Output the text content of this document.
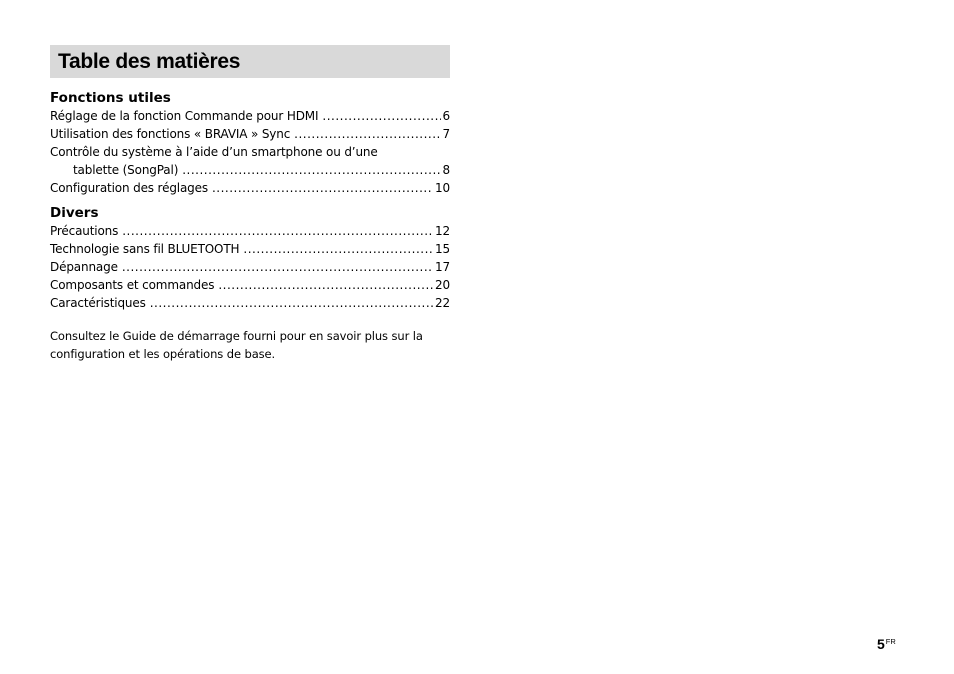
Table des matières
Fonctions utiles
Réglage de la fonction Commande pour HDMI .....	6
Utilisation des fonctions « BRAVIA » Sync .....	7
Contrôle du système à l’aide d’un smartphone ou d’une
tablette (SongPal) .....	8
Configuration des réglages .....	10
Divers
Précautions .....	12
Technologie sans fil BLUETOOTH .....	15
Dépannage .....	17
Composants et commandes .....	20
Caractéristiques .....	22

Consultez le Guide de démarrage fourni pour en savoir plus sur la configuration et les opérations de base.

$5^{FR}$
